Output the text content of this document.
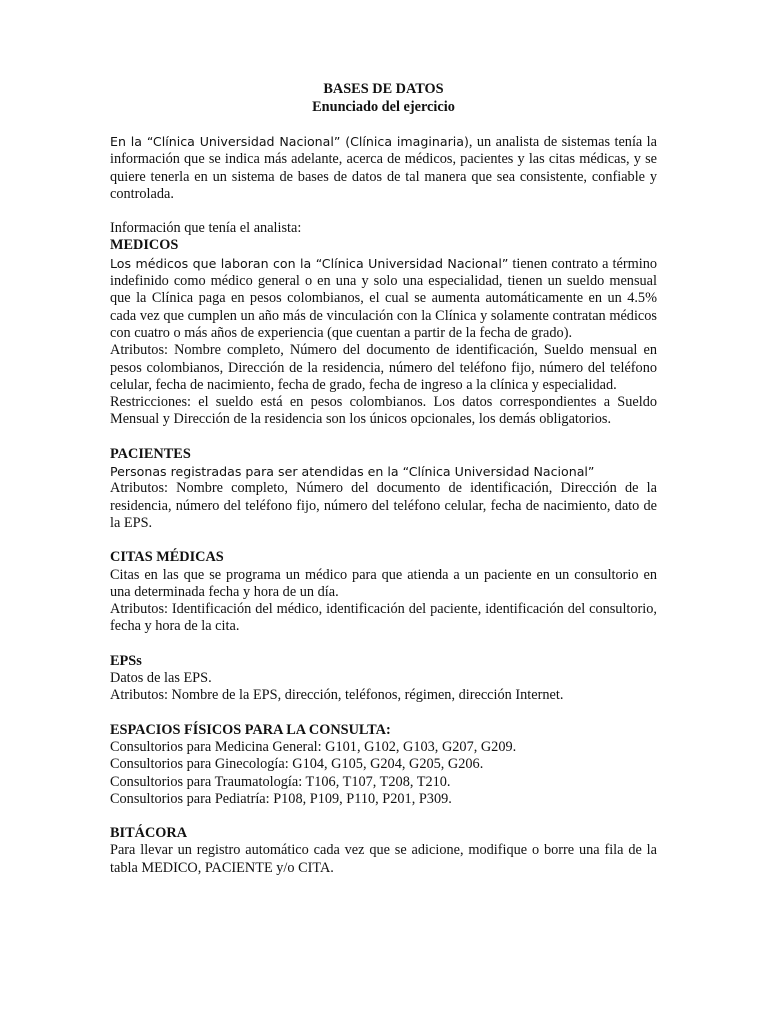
BASES DE DATOS
Enunciado del ejercicio

En la “Clínica Universidad Nacional” (Clínica imaginaria), un analista de sistemas tenía la información que se indica más adelante, acerca de médicos, pacientes y las citas médicas, y se quiere tenerla en un sistema de bases de datos de tal manera que sea consistente, confiable y controlada.

Información que tenía el analista:

MEDICOS

Los médicos que laboran con la “Clínica Universidad Nacional” tienen contrato a término indefinido como médico general o en una y solo una especialidad, tienen un sueldo mensual que la Clínica paga en pesos colombianos, el cual se aumenta automáticamente en un 4.5% cada vez que cumplen un año más de vinculación con la Clínica y solamente contratan médicos con cuatro o más años de experiencia (que cuentan a partir de la fecha de grado).

Atributos: Nombre completo, Número del documento de identificación, Sueldo mensual en pesos colombianos, Dirección de la residencia, número del teléfono fijo, número del teléfono celular, fecha de nacimiento, fecha de grado, fecha de ingreso a la clínica y especialidad.

Restricciones: el sueldo está en pesos colombianos. Los datos correspondientes a Sueldo Mensual y Dirección de la residencia son los únicos opcionales, los demás obligatorios.

PACIENTES

Personas registradas para ser atendidas en la “Clínica Universidad Nacional”

Atributos: Nombre completo, Número del documento de identificación, Dirección de la residencia, número del teléfono fijo, número del teléfono celular, fecha de nacimiento, dato de la EPS.

CITAS MÉDICAS

Citas en las que se programa un médico para que atienda a un paciente en un consultorio en una determinada fecha y hora de un día.

Atributos: Identificación del médico, identificación del paciente, identificación del consultorio, fecha y hora de la cita.

EPSs

Datos de las EPS.

Atributos: Nombre de la EPS, dirección, teléfonos, régimen, dirección Internet.

ESPACIOS FÍSICOS PARA LA CONSULTA:

Consultorios para Medicina General: G101, G102, G103, G207, G209.

Consultorios para Ginecología: G104, G105, G204, G205, G206.

Consultorios para Traumatología: T106, T107, T208, T210.

Consultorios para Pediatría: P108, P109, P110, P201, P309.

BITÁCORA

Para llevar un registro automático cada vez que se adicione, modifique o borre una fila de la tabla MEDICO, PACIENTE y/o CITA.
